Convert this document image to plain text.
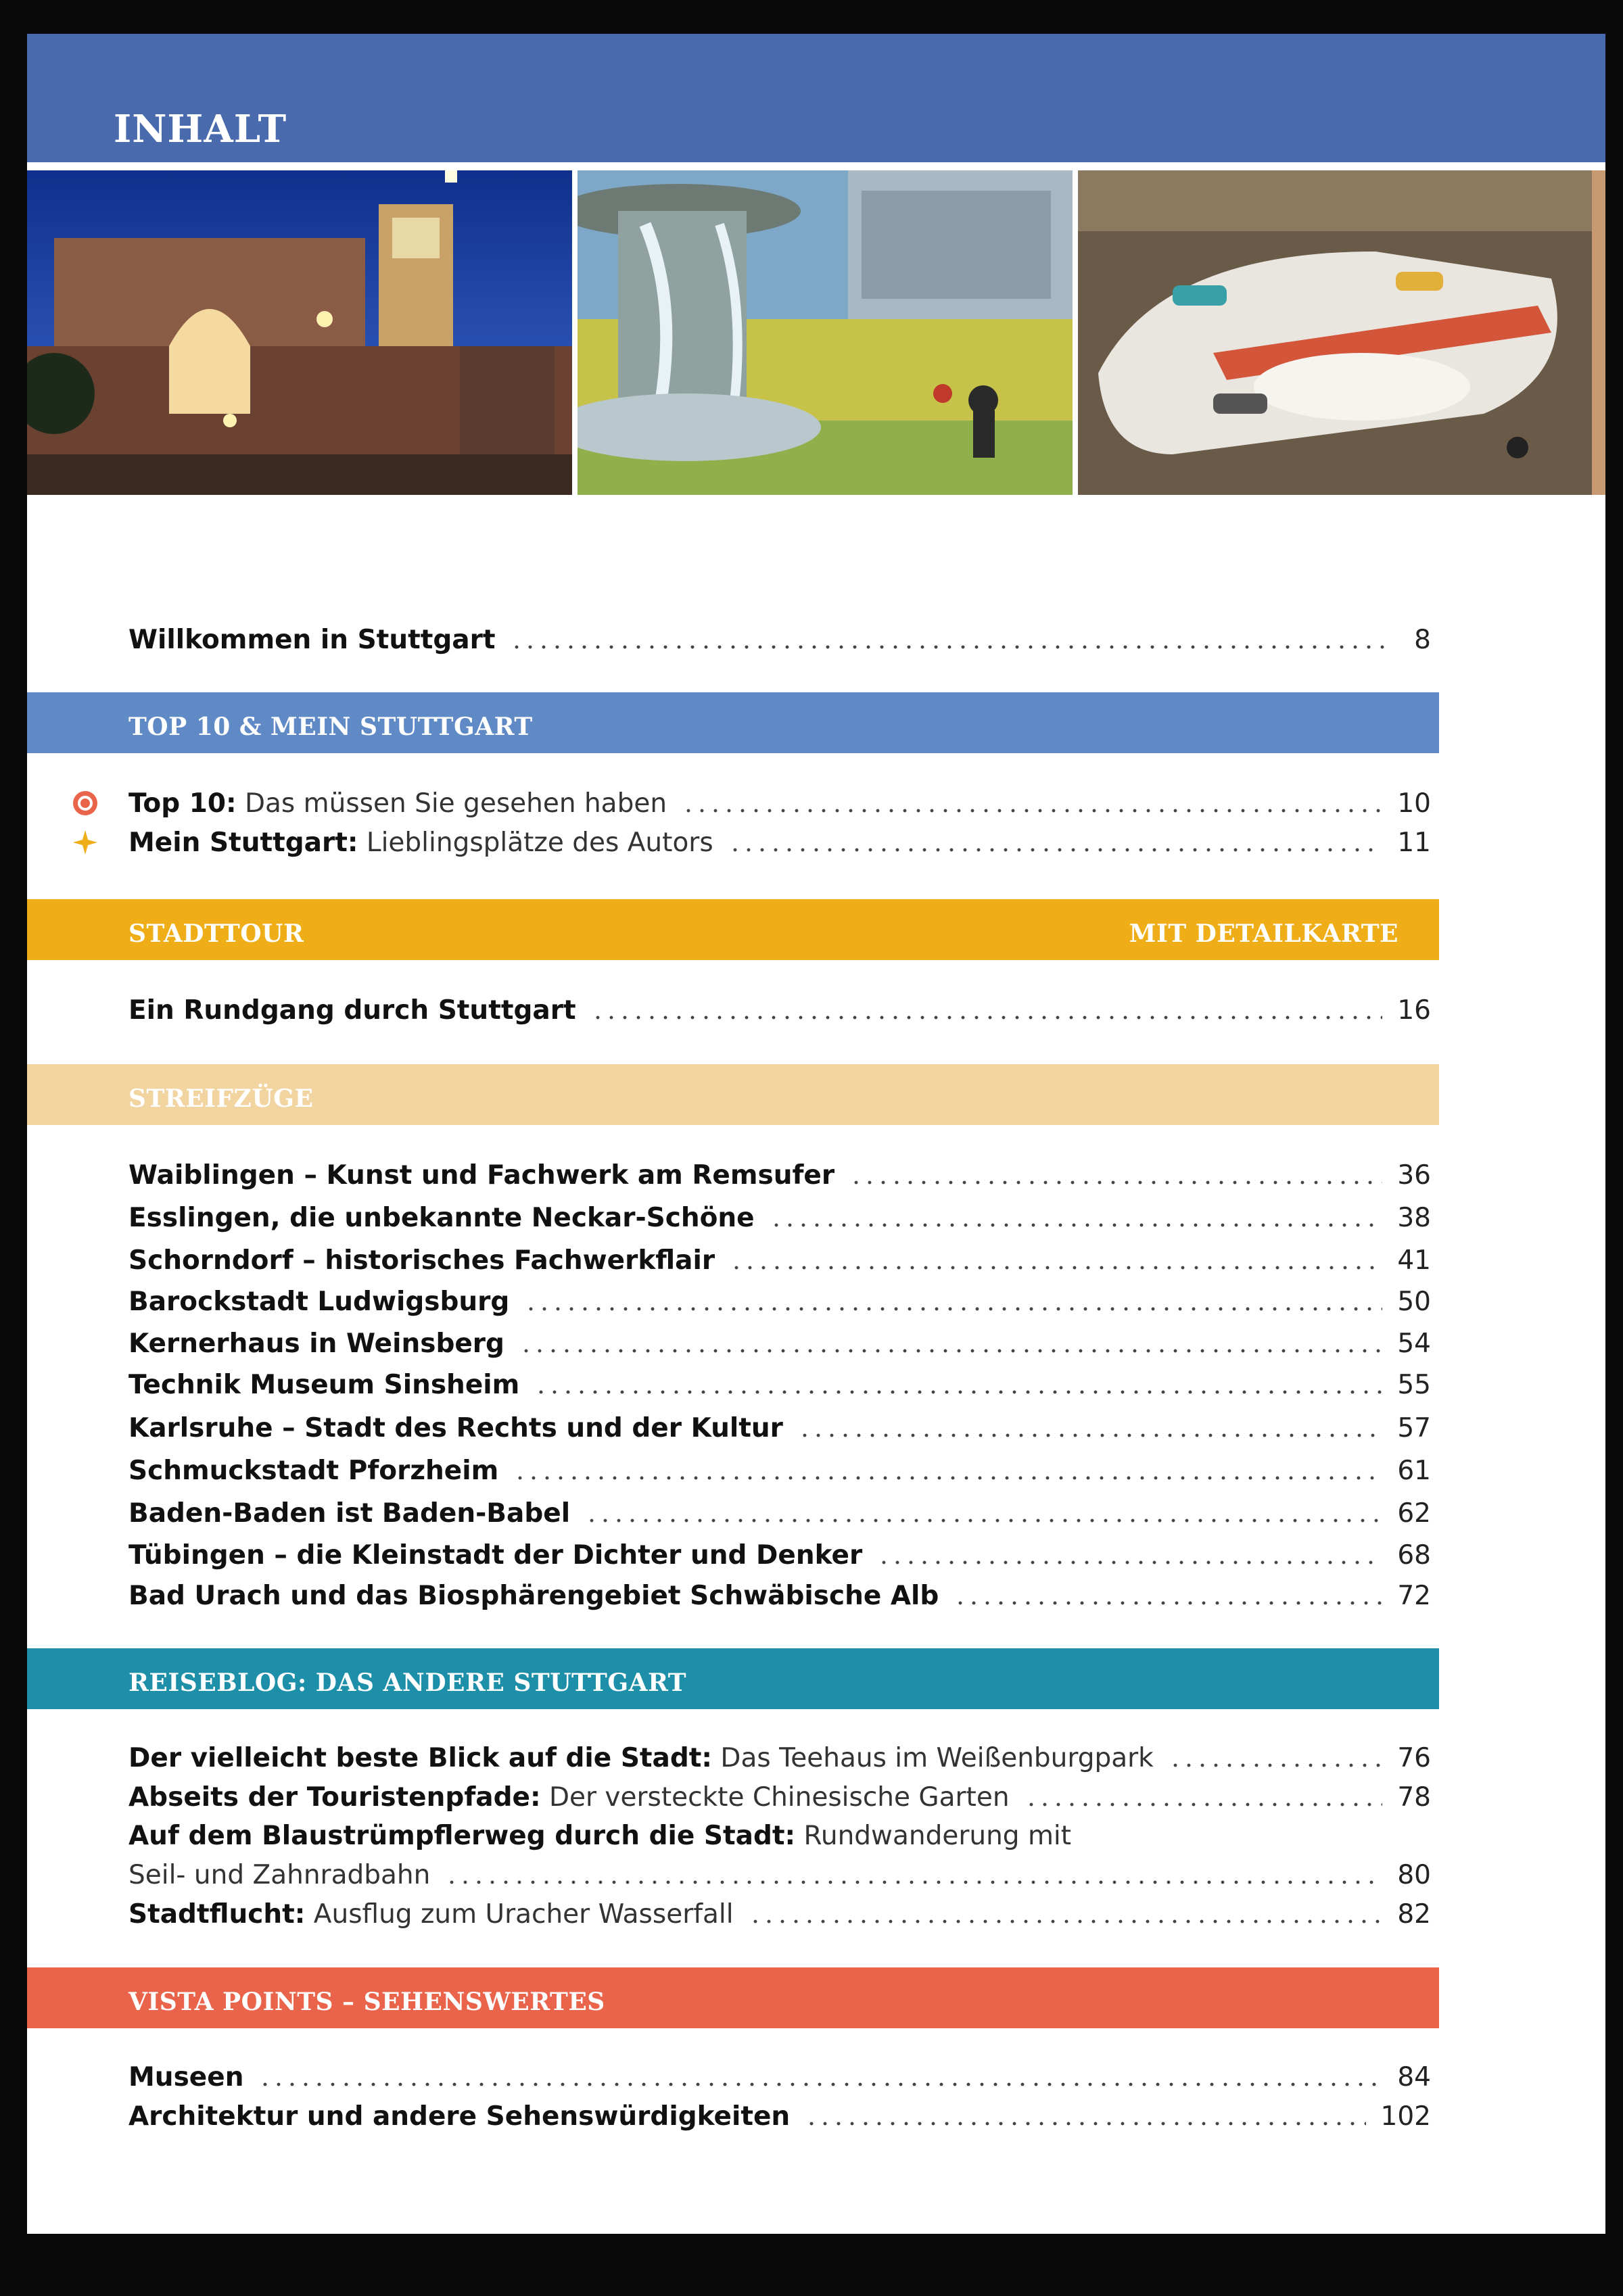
INHALT
Willkommen in Stuttgart	8
TOP 10 & MEIN STUTTGART
Top 10: Das müssen Sie gesehen haben	10
Mein Stuttgart: Lieblingsplätze des Autors	11
STADTTOUR	MIT DETAILKARTE
Ein Rundgang durch Stuttgart	16
STREIFZÜGE
Waiblingen – Kunst und Fachwerk am Remsufer	36
Esslingen, die unbekannte Neckar-Schöne	38
Schorndorf – historisches Fachwerkflair	41
Barockstadt Ludwigsburg	50
Kernerhaus in Weinsberg	54
Technik Museum Sinsheim	55
Karlsruhe – Stadt des Rechts und der Kultur	57
Schmuckstadt Pforzheim	61
Baden-Baden ist Baden-Babel	62
Tübingen – die Kleinstadt der Dichter und Denker	68
Bad Urach und das Biosphärengebiet Schwäbische Alb	72
REISEBLOG: DAS ANDERE STUTTGART
Der vielleicht beste Blick auf die Stadt: Das Teehaus im Weißenburgpark	76
Abseits der Touristenpfade: Der versteckte Chinesische Garten	78
Auf dem Blaustrümpflerweg durch die Stadt: Rundwanderung mit
Seil- und Zahnradbahn	80
Stadtflucht: Ausflug zum Uracher Wasserfall	82
VISTA POINTS – SEHENSWERTES
Museen	84
Architektur und andere Sehenswürdigkeiten	102
